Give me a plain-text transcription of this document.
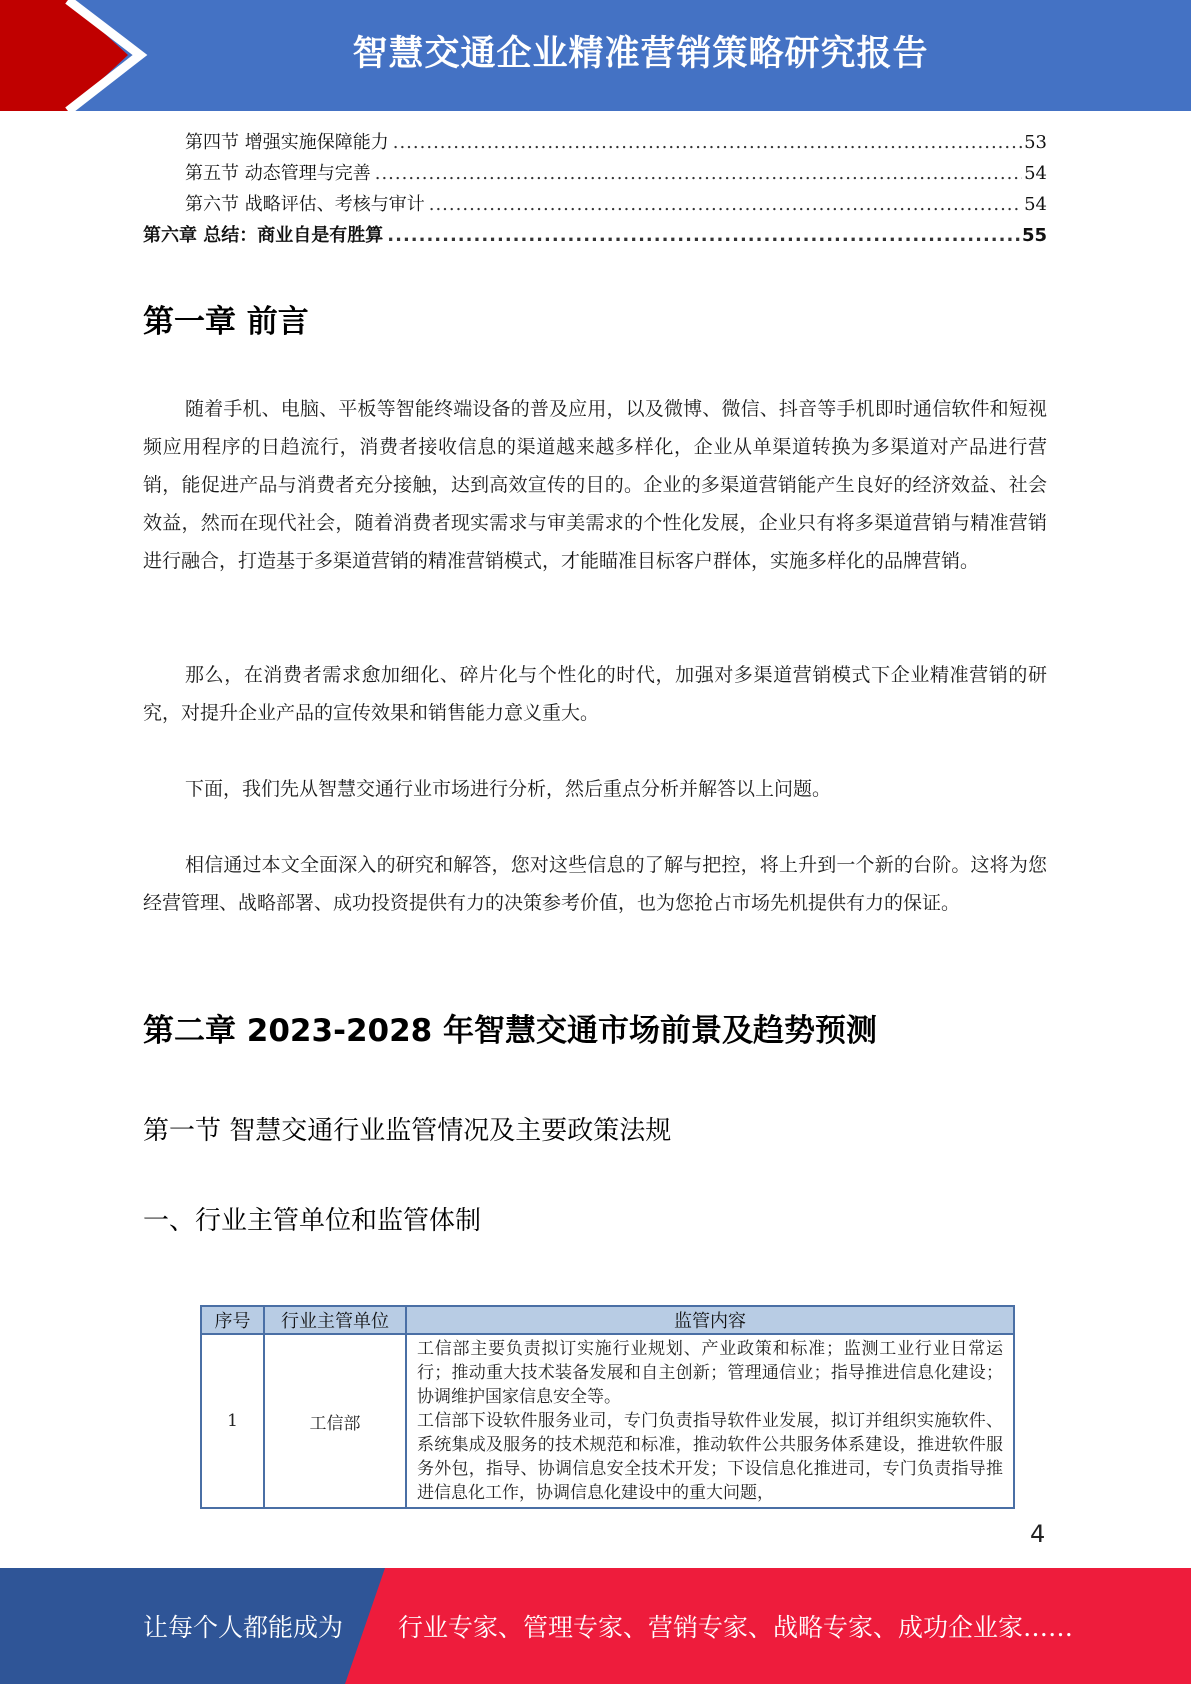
智慧交通企业精准营销策略研究报告
第四节 增强实施保障能力 .....	53
第五节 动态管理与完善 .....	54
第六节 战略评估、考核与审计 .....	54
第六章 总结：商业自是有胜算 .....	55
第一章 前言

随着手机、电脑、平板等智能终端设备的普及应用，以及微博、微信、抖音等手机即时通信软件和短视频应用程序的日趋流行，消费者接收信息的渠道越来越多样化，企业从单渠道转换为多渠道对产品进行营销，能促进产品与消费者充分接触，达到高效宣传的目的。企业的多渠道营销能产生良好的经济效益、社会效益，然而在现代社会，随着消费者现实需求与审美需求的个性化发展，企业只有将多渠道营销与精准营销进行融合，打造基于多渠道营销的精准营销模式，才能瞄准目标客户群体，实施多样化的品牌营销。

那么，在消费者需求愈加细化、碎片化与个性化的时代，加强对多渠道营销模式下企业精准营销的研究，对提升企业产品的宣传效果和销售能力意义重大。

下面，我们先从智慧交通行业市场进行分析，然后重点分析并解答以上问题。

相信通过本文全面深入的研究和解答，您对这些信息的了解与把控，将上升到一个新的台阶。这将为您经营管理、战略部署、成功投资提供有力的决策参考价值，也为您抢占市场先机提供有力的保证。

第二章 2023-2028 年智慧交通市场前景及趋势预测
第一节 智慧交通行业监管情况及主要政策法规
一、行业主管单位和监管体制
序号	行业主管单位	监管内容
1	工信部	工信部主要负责拟订实施行业规划、产业政策和标准；监测工业行业日常运行；推动重大技术装备发展和自主创新；管理通信业；指导推进信息化建设；协调维护国家信息安全等。
工信部下设软件服务业司，专门负责指导软件业发展，拟订并组织实施软件、系统集成及服务的技术规范和标准，推动软件公共服务体系建设，推进软件服务外包，指导、协调信息安全技术开发；下设信息化推进司，专门负责指导推进信息化工作，协调信息化建设中的重大问题，
4
让每个人都能成为 行业专家、管理专家、营销专家、战略专家、成功企业家……
